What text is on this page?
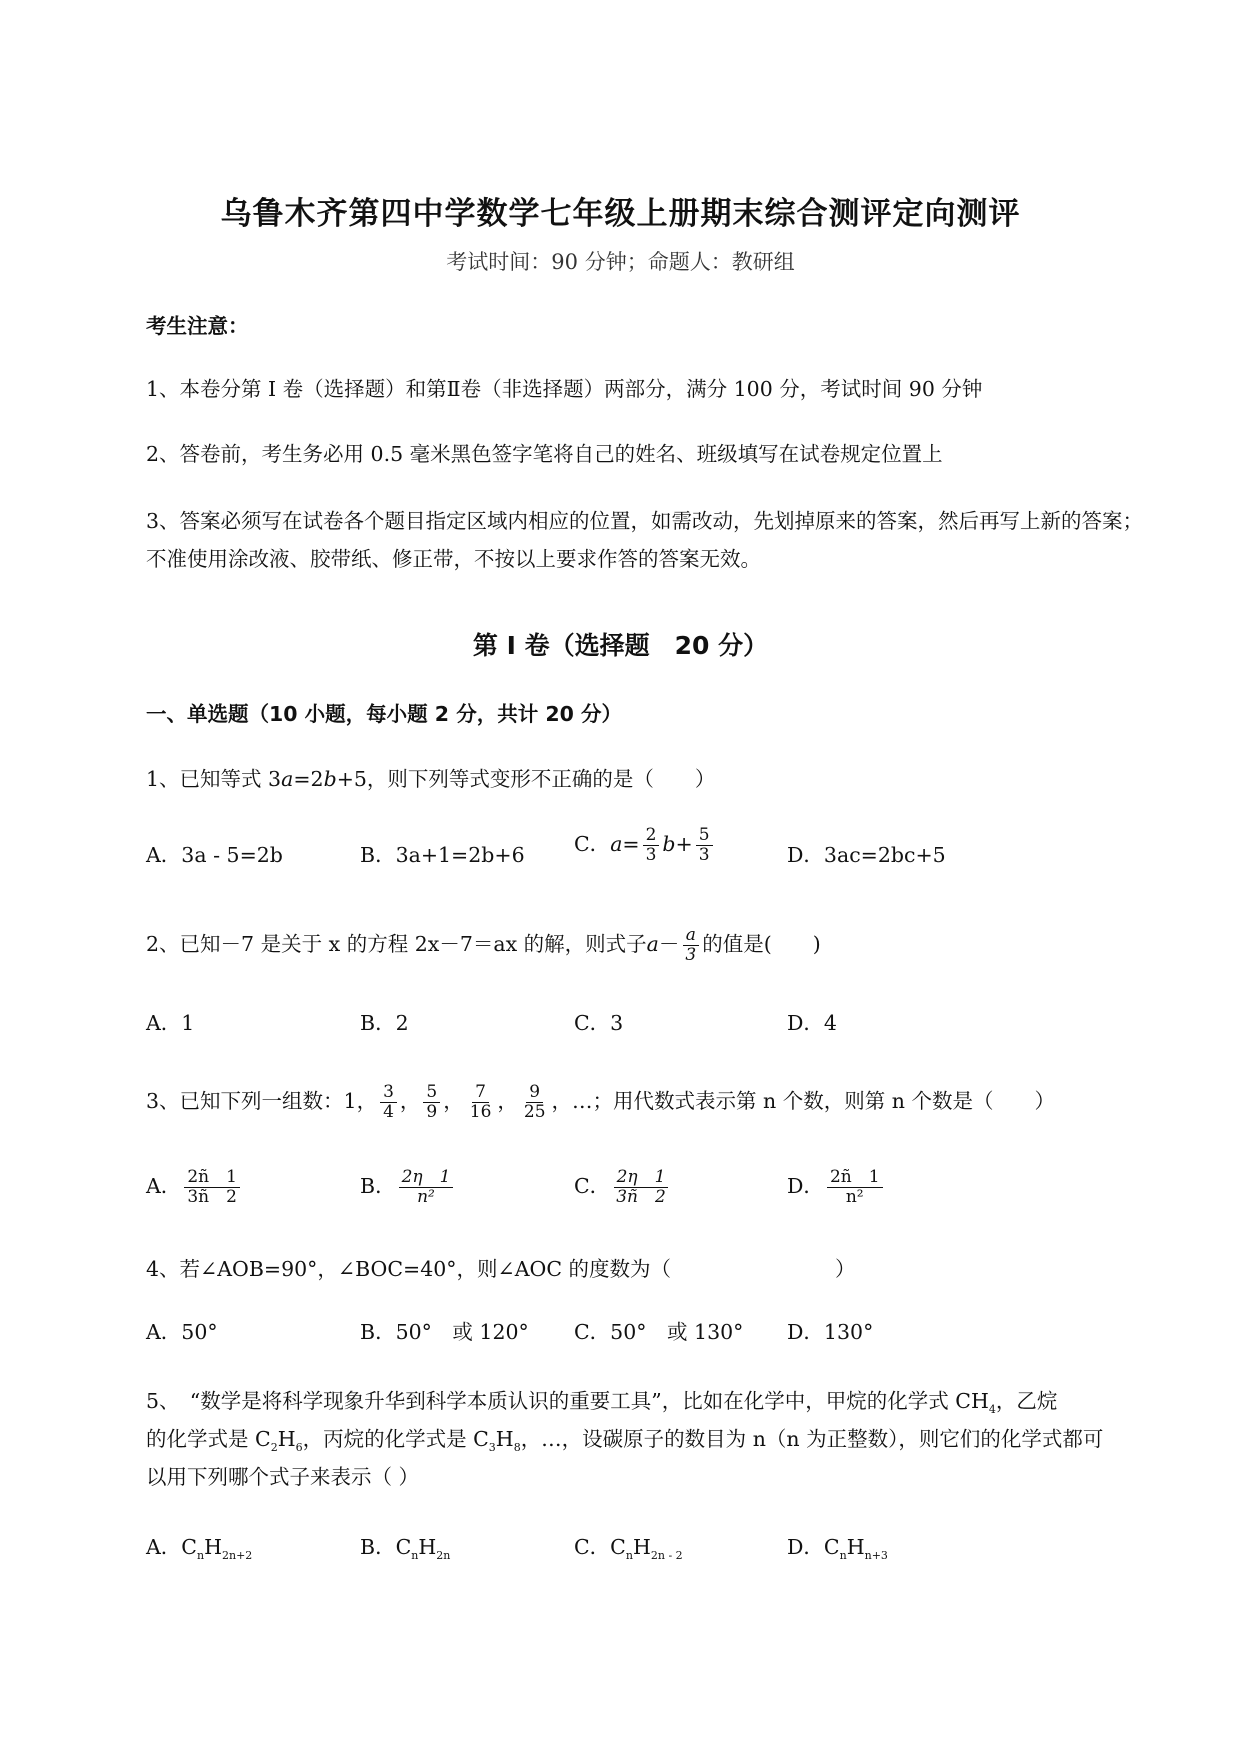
乌鲁木齐第四中学数学七年级上册期末综合测评定向测评
考试时间：90 分钟；命题人：教研组
考生注意：
1、本卷分第 I 卷（选择题）和第Ⅱ卷（非选择题）两部分，满分 100 分，考试时间 90 分钟
2、答卷前，考生务必用 0.5 毫米黑色签字笔将自己的姓名、班级填写在试卷规定位置上
3、答案必须写在试卷各个题目指定区域内相应的位置，如需改动，先划掉原来的答案，然后再写上新的答案；不准使用涂改液、胶带纸、修正带，不按以上要求作答的答案无效。
第 I 卷（选择题　20 分）
一、单选题（10 小题，每小题 2 分，共计 20 分）
1、已知等式 3a=2b+5，则下列等式变形不正确的是（　　）
A．3a - 5=2b	B．3a+1=2b+6 C．$a= \frac{2}{3} b+ \frac{5}{3}$	D．3ac=2bc+5
2、已知－7 是关于 x 的方程 2x－7＝ax 的解，则式子$a- \frac{a}{3}$ 的值是(　　)
A．1	B．2	C．3	D．4
3、已知下列一组数：1， $\frac{3}{4}$ ， $\frac{5}{9}$ ， $\frac{7}{16}$ ， $\frac{9}{25}$ ，…；用代数式表示第 n 个数，则第 n 个数是（　　）
A． $\frac{2ñ 1}{3ñ 2}$	B． $\frac{2\eta 1}{\text{n²}}$	C． $\frac{2\eta 1}{3ñ 2}$	D． $\frac{2ñ 1}{\text{n²}}$
4、若∠AOB=90°，∠BOC=40°，则∠AOC 的度数为（　　　　　　　　）
A．50°	B．50°　或 120° C．50°　或 130° D．130°
5、　“数学是将科学现象升华到科学本质认识的重要工具”，比如在化学中，甲烷的化学式 $CH_4$，乙烷
的化学式是 $C_2H_6$，丙烷的化学式是 $C_3H_8$，…，设碳原子的数目为 n（n 为正整数），则它们的化学式都可
以用下列哪个式子来表示（ ）
A．$C_nH_{2n+2}$	B．$C_nH_{2n}$	C．$C_nH_{2n - 2}$	D．$C_nH_{n+3}$
